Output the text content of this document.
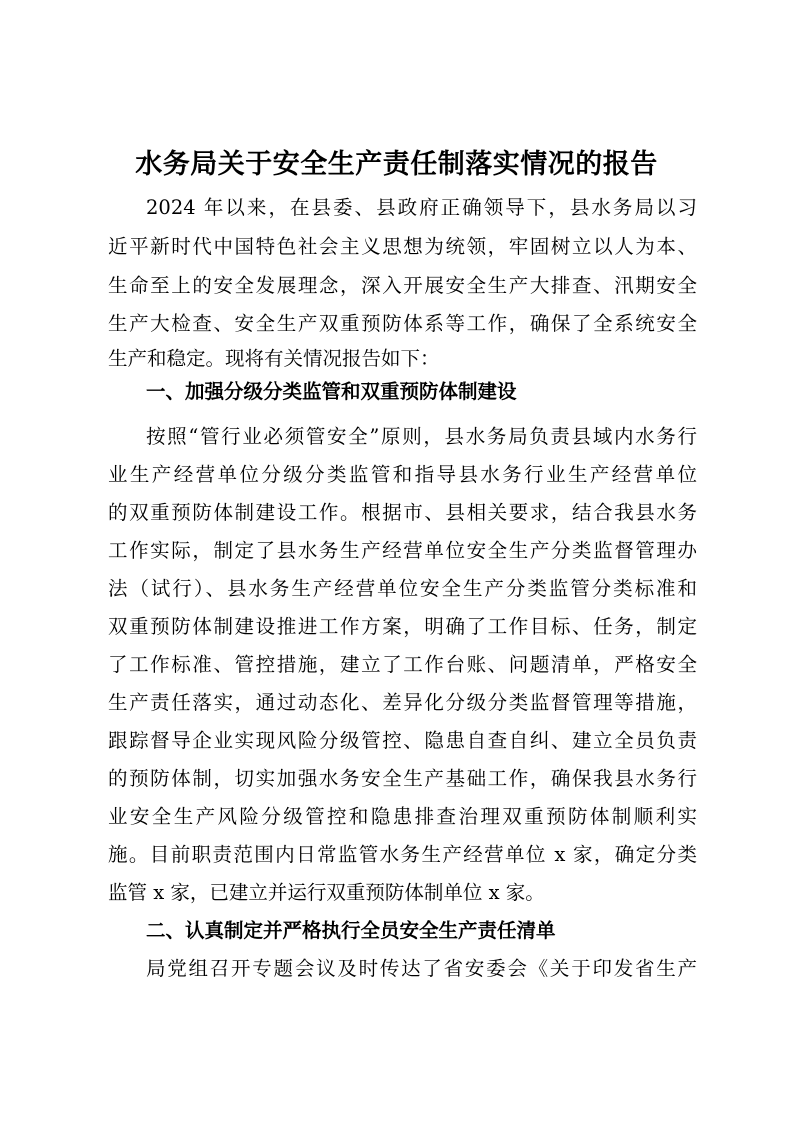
水务局关于安全生产责任制落实情况的报告
2024 年以来，在县委、县政府正确领导下，县水务局以习
近平新时代中国特色社会主义思想为统领，牢固树立以人为本、
生命至上的安全发展理念，深入开展安全生产大排查、汛期安全
生产大检查、安全生产双重预防体系等工作，确保了全系统安全
生产和稳定。现将有关情况报告如下：
一、加强分级分类监管和双重预防体制建设
按照“管行业必须管安全”原则，县水务局负责县域内水务行
业生产经营单位分级分类监管和指导县水务行业生产经营单位
的双重预防体制建设工作。根据市、县相关要求，结合我县水务
工作实际，制定了县水务生产经营单位安全生产分类监督管理办
法（试行）、县水务生产经营单位安全生产分类监管分类标准和
双重预防体制建设推进工作方案，明确了工作目标、任务，制定
了工作标准、管控措施，建立了工作台账、问题清单，严格安全
生产责任落实，通过动态化、差异化分级分类监督管理等措施，
跟踪督导企业实现风险分级管控、隐患自查自纠、建立全员负责
的预防体制，切实加强水务安全生产基础工作，确保我县水务行
业安全生产风险分级管控和隐患排查治理双重预防体制顺利实
施。目前职责范围内日常监管水务生产经营单位 x 家，确定分类
监管 x 家，已建立并运行双重预防体制单位 x 家。
二、认真制定并严格执行全员安全生产责任清单
局党组召开专题会议及时传达了省安委会《关于印发省生产
